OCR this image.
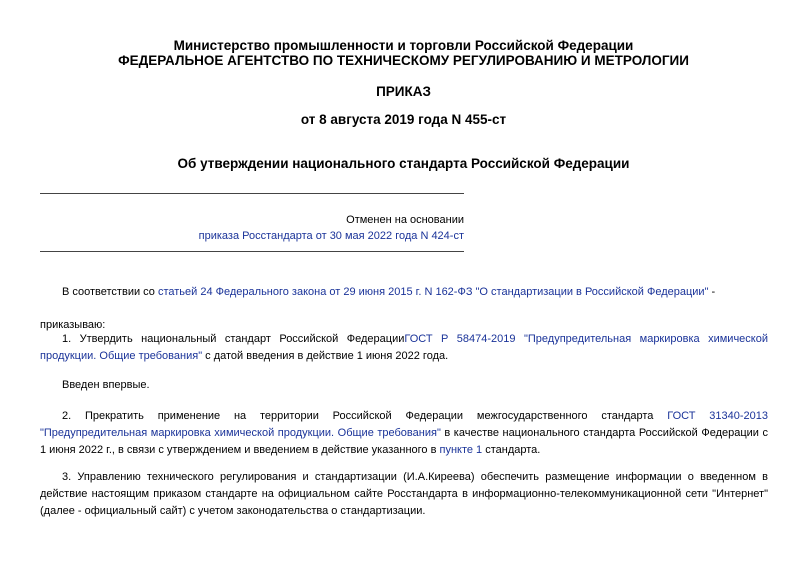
Министерство промышленности и торговли Российской Федерации
ФЕДЕРАЛЬНОЕ АГЕНТСТВО ПО ТЕХНИЧЕСКОМУ РЕГУЛИРОВАНИЮ И МЕТРОЛОГИИ
ПРИКАЗ
от 8 августа 2019 года N 455-ст
Об утверждении национального стандарта Российской Федерации
Отменен на основании
приказа Росстандарта от 30 мая 2022 года N 424-ст
В соответствии со статьей 24 Федерального закона от 29 июня 2015 г. N 162-ФЗ "О стандартизации в Российской Федерации" -
приказываю:
1. Утвердить национальный стандарт Российской ФедерацииГОСТ Р 58474-2019 "Предупредительная маркировка химической продукции. Общие требования" с датой введения в действие 1 июня 2022 года.
Введен впервые.
2. Прекратить применение на территории Российской Федерации межгосударственного стандарта ГОСТ 31340-2013 "Предупредительная маркировка химической продукции. Общие требования" в качестве национального стандарта Российской Федерации с 1 июня 2022 г., в связи с утверждением и введением в действие указанного в пункте 1 стандарта.
3. Управлению технического регулирования и стандартизации (И.А.Киреева) обеспечить размещение информации о введенном в действие настоящим приказом стандарте на официальном сайте Росстандарта в информационно-телекоммуникационной сети "Интернет" (далее - официальный сайт) с учетом законодательства о стандартизации.
